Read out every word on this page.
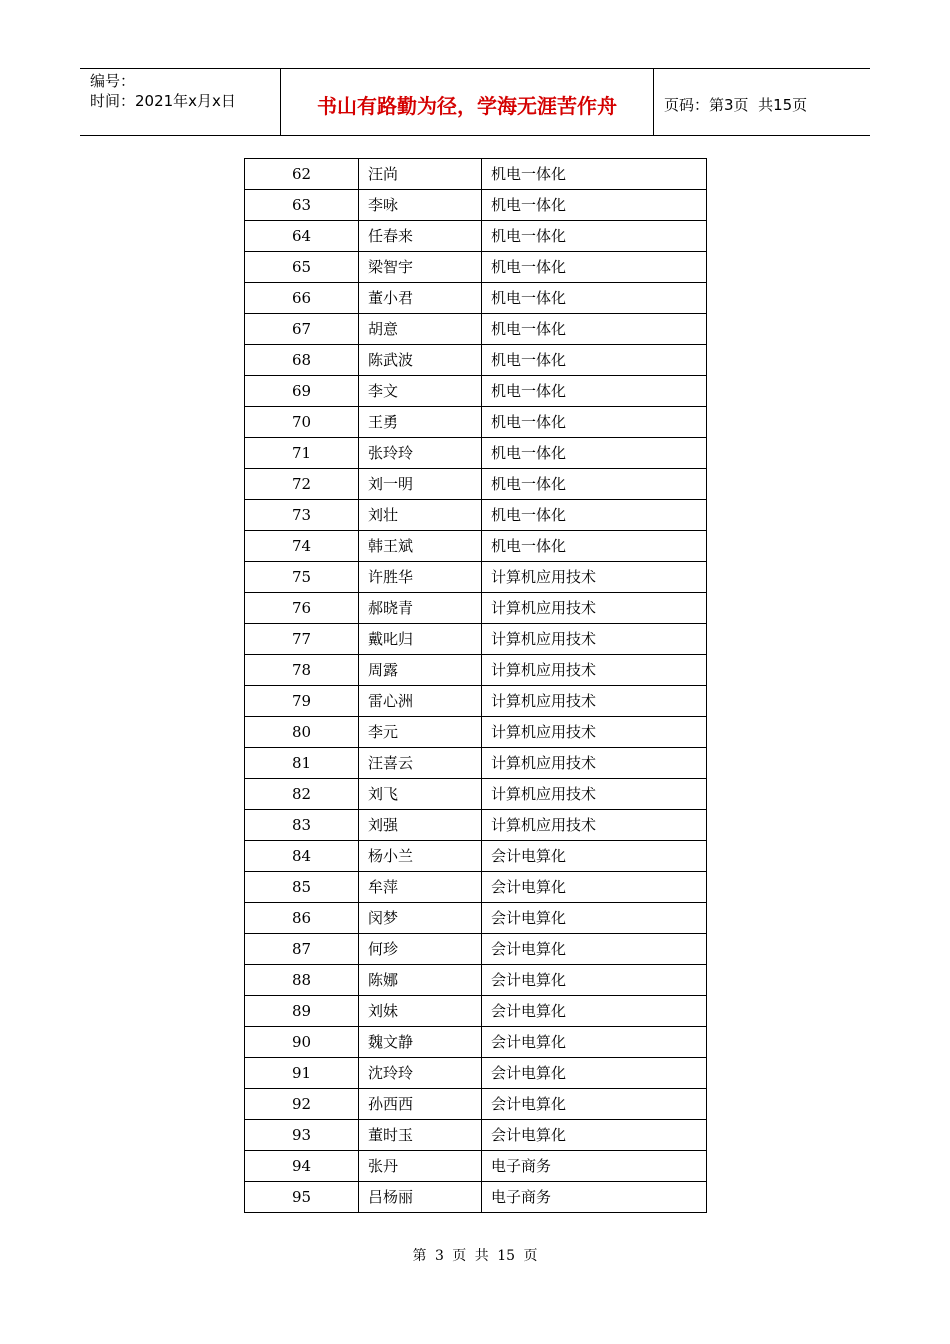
编号：
时间：2021年x月x日	书山有路勤为径，学海无涯苦作舟	页码：第3页  共15页
62	汪尚	机电一体化
63	李咏	机电一体化
64	任春来	机电一体化
65	梁智宇	机电一体化
66	董小君	机电一体化
67	胡意	机电一体化
68	陈武波	机电一体化
69	李文	机电一体化
70	王勇	机电一体化
71	张玲玲	机电一体化
72	刘一明	机电一体化
73	刘壮	机电一体化
74	韩王斌	机电一体化
75	许胜华	计算机应用技术
76	郝晓青	计算机应用技术
77	戴叱归	计算机应用技术
78	周露	计算机应用技术
79	雷心洲	计算机应用技术
80	李元	计算机应用技术
81	汪喜云	计算机应用技术
82	刘飞	计算机应用技术
83	刘强	计算机应用技术
84	杨小兰	会计电算化
85	牟萍	会计电算化
86	闵梦	会计电算化
87	何珍	会计电算化
88	陈娜	会计电算化
89	刘妹	会计电算化
90	魏文静	会计电算化
91	沈玲玲	会计电算化
92	孙西西	会计电算化
93	董时玉	会计电算化
94	张丹	电子商务
95	吕杨丽	电子商务
第 3 页 共 15 页
